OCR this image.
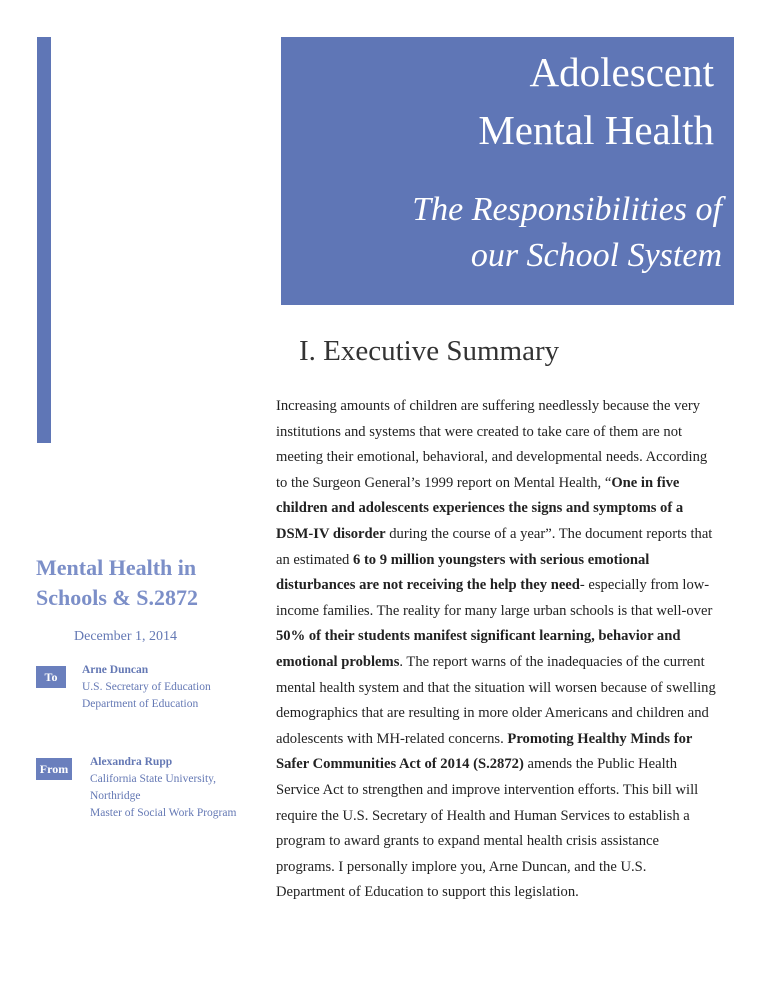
Adolescent
Mental Health
The Responsibilities of
our School System
I. Executive Summary
Increasing amounts of children are suffering needlessly because the very institutions and systems that were created to take care of them are not meeting their emotional, behavioral, and developmental needs. According to the Surgeon General’s 1999 report on Mental Health, “One in five children and adolescents experiences the signs and symptoms of a DSM-IV disorder during the course of a year”. The document reports that an estimated 6 to 9 million youngsters with serious emotional disturbances are not receiving the help they need- especially from low-income families. The reality for many large urban schools is that well-over 50% of their students manifest significant learning, behavior and emotional problems. The report warns of the inadequacies of the current mental health system and that the situation will worsen because of swelling demographics that are resulting in more older Americans and children and adolescents with MH-related concerns. Promoting Healthy Minds for Safer Communities Act of 2014 (S.2872) amends the Public Health Service Act to strengthen and improve intervention efforts. This bill will require the U.S. Secretary of Health and Human Services to establish a program to award grants to expand mental health crisis assistance programs. I personally implore you, Arne Duncan, and the U.S. Department of Education to support this legislation.
Mental Health in
Schools & S.2872
December 1, 2014
To	Arne Duncan
U.S. Secretary of Education
Department of Education
From	Alexandra Rupp
California State University,
Northridge
Master of Social Work Program
